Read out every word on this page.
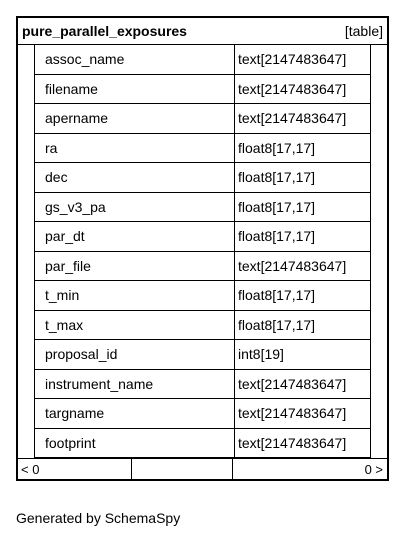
pure_parallel_exposures	[table]
assoc_name	text[2147483647]
filename	text[2147483647]
apername	text[2147483647]
ra	float8[17,17]
dec	float8[17,17]
gs_v3_pa	float8[17,17]
par_dt	float8[17,17]
par_file	text[2147483647]
t_min	float8[17,17]
t_max	float8[17,17]
proposal_id	int8[19]
instrument_name	text[2147483647]
targname	text[2147483647]
footprint	text[2147483647]
< 0	0 >
Generated by SchemaSpy
